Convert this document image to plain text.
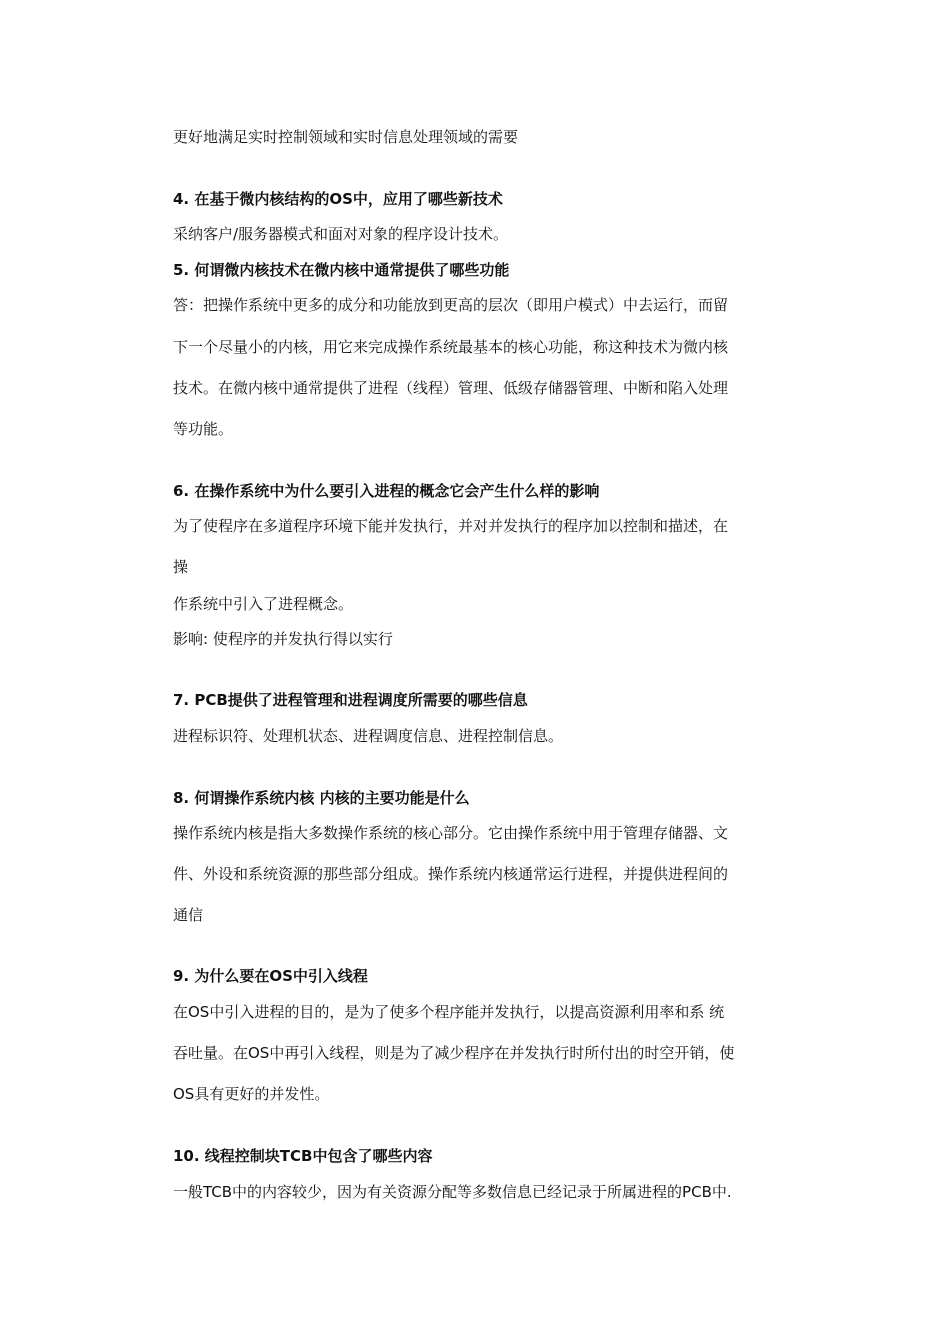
更好地满足实时控制领域和实时信息处理领域的需要
4. 在基于微内核结构的OS中，应用了哪些新技术
采纳客户/服务器模式和面对对象的程序设计技术。
5. 何谓微内核技术在微内核中通常提供了哪些功能
答：把操作系统中更多的成分和功能放到更高的层次（即用户模式）中去运行，而留
下一个尽量小的内核，用它来完成操作系统最基本的核心功能，称这种技术为微内核
技术。在微内核中通常提供了进程（线程）管理、低级存储器管理、中断和陷入处理
等功能。
6. 在操作系统中为什么要引入进程的概念它会产生什么样的影响
为了使程序在多道程序环境下能并发执行，并对并发执行的程序加以控制和描述，在
操
作系统中引入了进程概念。
影响: 使程序的并发执行得以实行
7. PCB提供了进程管理和进程调度所需要的哪些信息
进程标识符、处理机状态、进程调度信息、进程控制信息。
8. 何谓操作系统内核 内核的主要功能是什么
操作系统内核是指大多数操作系统的核心部分。它由操作系统中用于管理存储器、文
件、外设和系统资源的那些部分组成。操作系统内核通常运行进程，并提供进程间的
通信
9. 为什么要在OS中引入线程
在OS中引入进程的目的，是为了使多个程序能并发执行，以提高资源利用率和系 统
吞吐量。在OS中再引入线程，则是为了减少程序在并发执行时所付出的时空开销，使
OS具有更好的并发性。
10. 线程控制块TCB中包含了哪些内容
一般TCB中的内容较少，因为有关资源分配等多数信息已经记录于所属进程的PCB中.
